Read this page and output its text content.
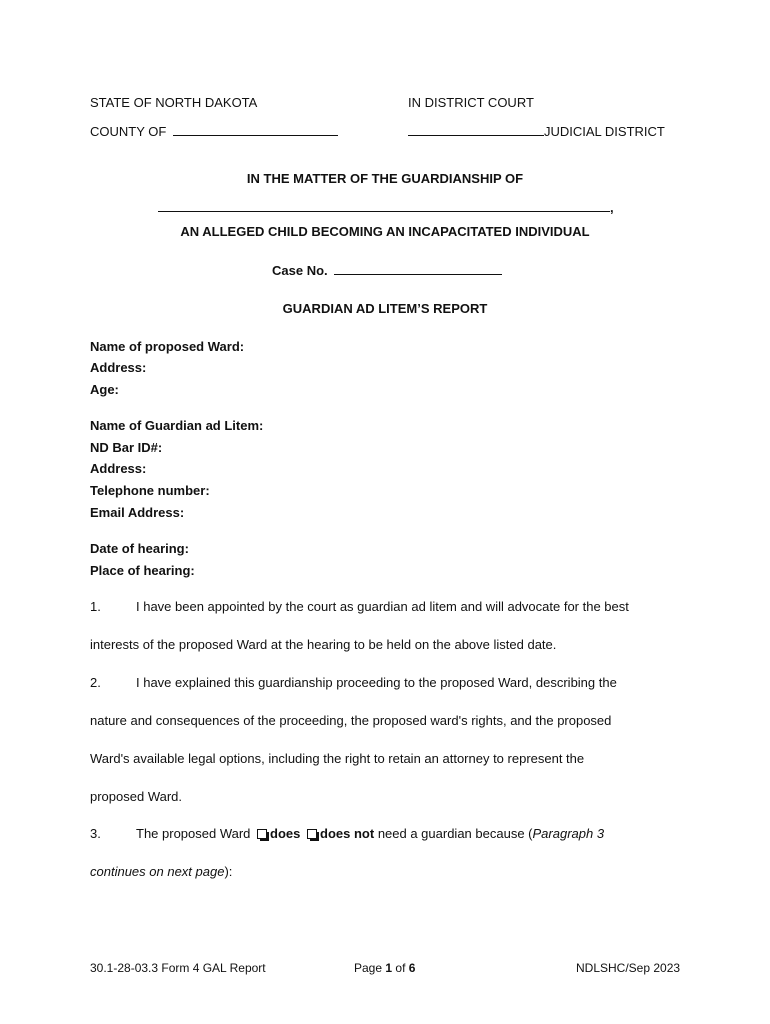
STATE OF NORTH DAKOTA	IN DISTRICT COURT
COUNTY OF	JUDICIAL DISTRICT
IN THE MATTER OF THE GUARDIANSHIP OF
,
AN ALLEGED CHILD BECOMING AN INCAPACITATED INDIVIDUAL
Case No.
GUARDIAN AD LITEM’S REPORT
Name of proposed Ward:
Address:
Age:
Name of Guardian ad Litem:
ND Bar ID#:
Address:
Telephone number:
Email Address:
Date of hearing:
Place of hearing:
1.	I have been appointed by the court as guardian ad litem and will advocate for the best
interests of the proposed Ward at the hearing to be held on the above listed date.
2.	I have explained this guardianship proceeding to the proposed Ward, describing the
nature and consequences of the proceeding, the proposed ward's rights, and the proposed
Ward's available legal options, including the right to retain an attorney to represent the
proposed Ward.
3.	The proposed Ward does does not need a guardian because (Paragraph 3
continues on next page):
30.1-28-03.3 Form 4 GAL Report	Page 1 of 6	NDLSHC/Sep 2023
